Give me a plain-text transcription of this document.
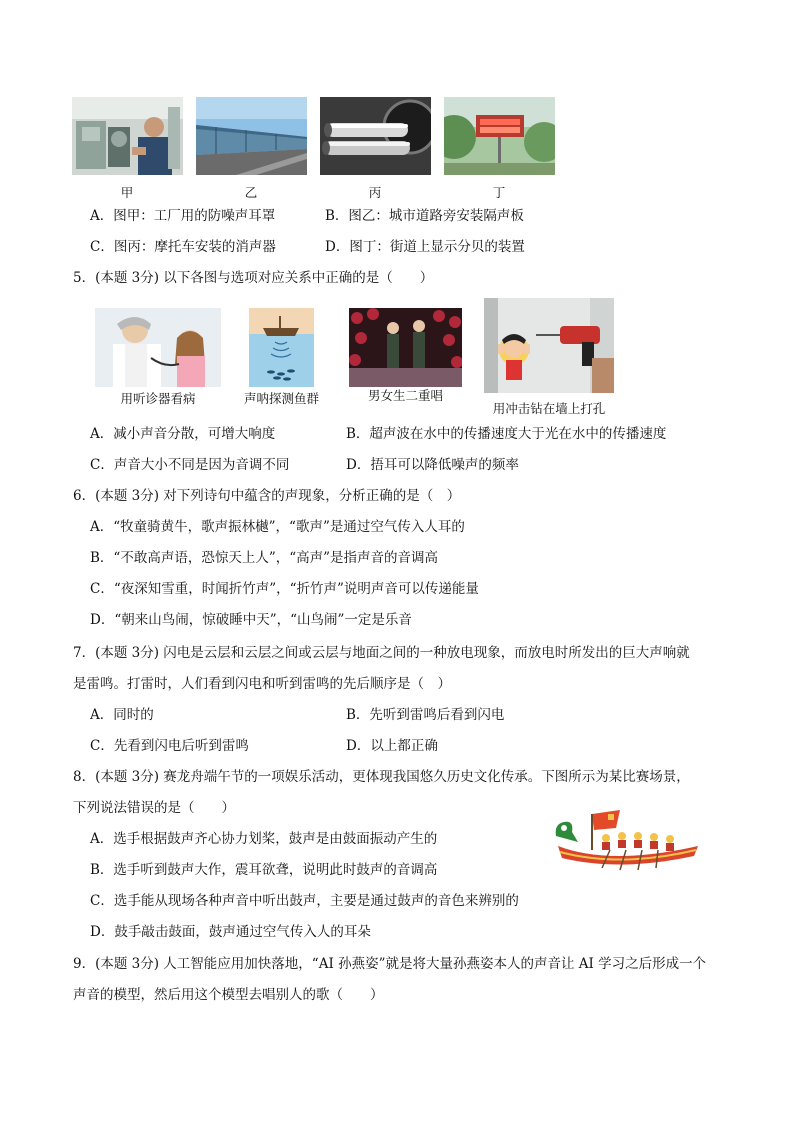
甲	乙	丙	丁
A．图甲：工厂用的防噪声耳罩	B．图乙：城市道路旁安装隔声板
C．图丙：摩托车安装的消声器	D．图丁：街道上显示分贝的装置
5．(本题 3分) 以下各图与选项对应关系中正确的是（　　）
用听诊器看病	声呐探测鱼群	男女生二重唱
用冲击钻在墙上打孔
A．减小声音分散，可增大响度	B．超声波在水中的传播速度大于光在水中的传播速度
C．声音大小不同是因为音调不同	D．捂耳可以降低噪声的频率
6．(本题 3分) 对下列诗句中蕴含的声现象，分析正确的是（　）
A．“牧童骑黄牛，歌声振林樾”，“歌声”是通过空气传入人耳的
B．“不敢高声语，恐惊天上人”，“高声”是指声音的音调高
C．“夜深知雪重，时闻折竹声”，“折竹声”说明声音可以传递能量
D．“朝来山鸟闹，惊破睡中天”，“山鸟闹”一定是乐音
7．(本题 3分) 闪电是云层和云层之间或云层与地面之间的一种放电现象，而放电时所发出的巨大声响就
是雷鸣。打雷时，人们看到闪电和听到雷鸣的先后顺序是（　）
A．同时的	B．先听到雷鸣后看到闪电
C．先看到闪电后听到雷鸣	D．以上都正确
8．(本题 3分) 赛龙舟端午节的一项娱乐活动，更体现我国悠久历史文化传承。下图所示为某比赛场景，
下列说法错误的是（　　）
A．选手根据鼓声齐心协力划桨，鼓声是由鼓面振动产生的
B．选手听到鼓声大作，震耳欲聋，说明此时鼓声的音调高
C．选手能从现场各种声音中听出鼓声，主要是通过鼓声的音色来辨别的
D．鼓手敲击鼓面，鼓声通过空气传入人的耳朵
9．(本题 3分) 人工智能应用加快落地，“AI 孙燕姿”就是将大量孙燕姿本人的声音让 AI 学习之后形成一个
声音的模型，然后用这个模型去唱别人的歌（　　）
